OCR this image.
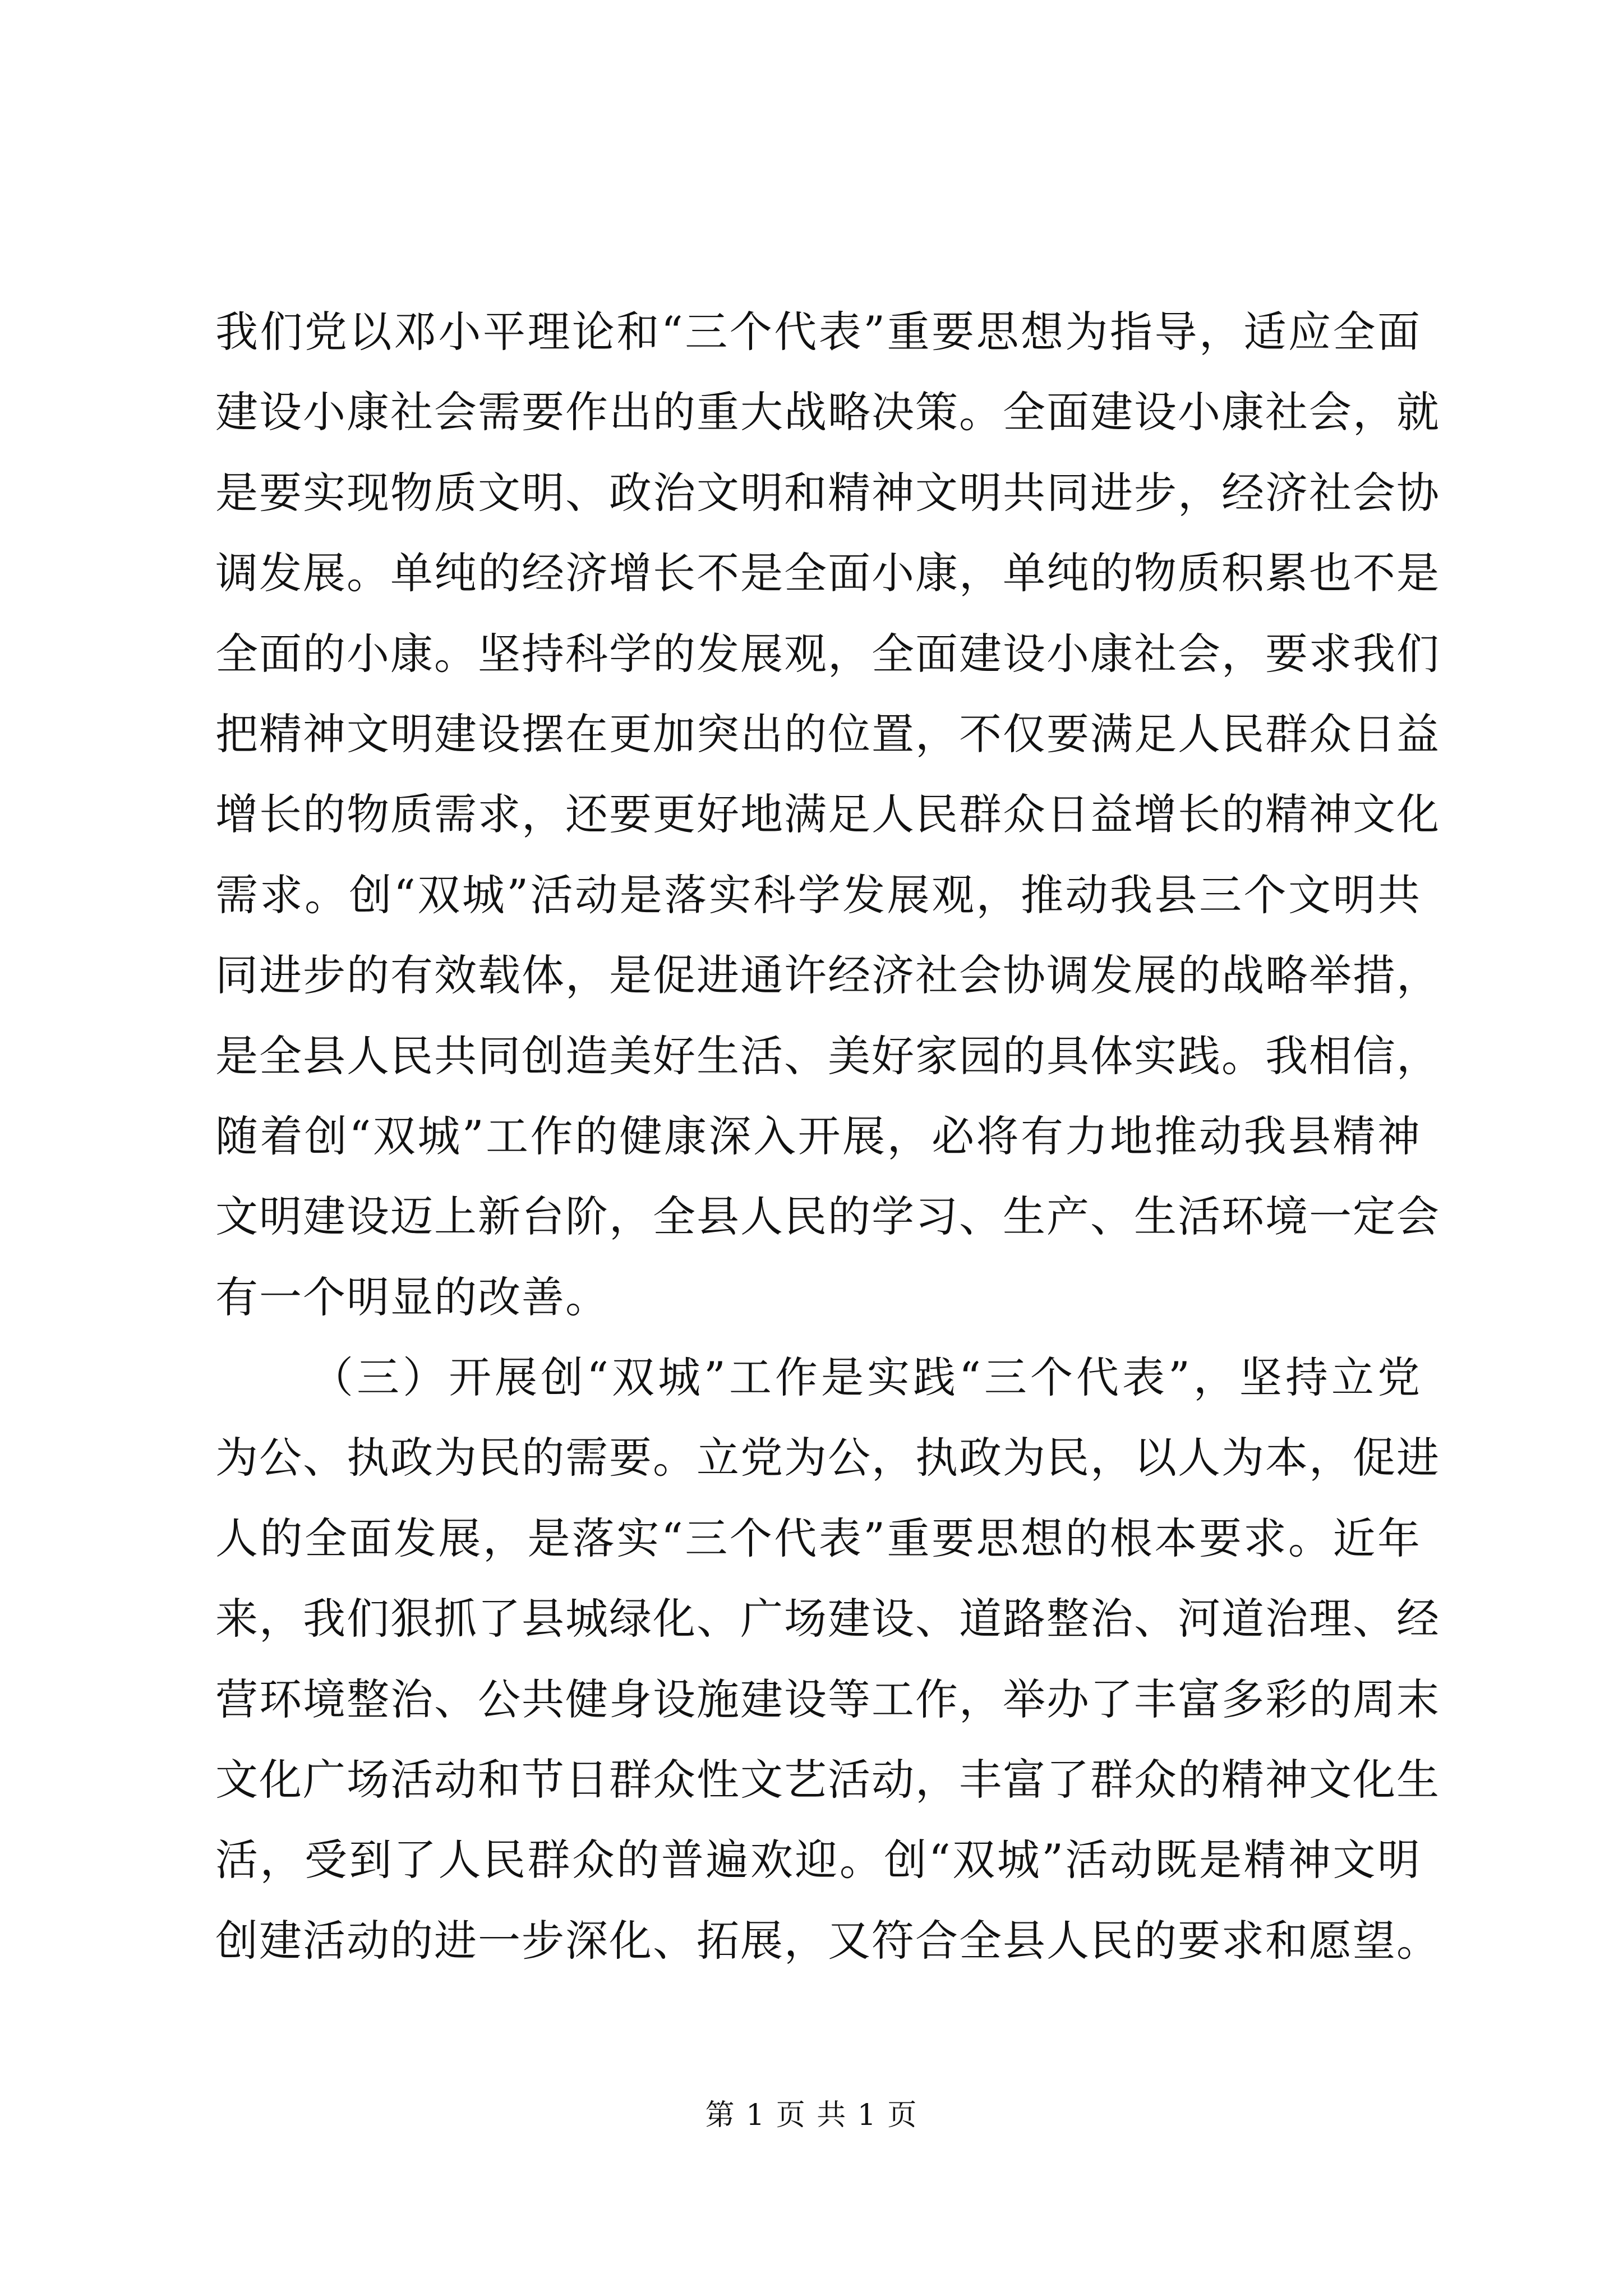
我们党以邓小平理论和“三个代表”重要思想为指导，适应全面
建设小康社会需要作出的重大战略决策。全面建设小康社会，就
是要实现物质文明、政治文明和精神文明共同进步，经济社会协
调发展。单纯的经济增长不是全面小康，单纯的物质积累也不是
全面的小康。坚持科学的发展观，全面建设小康社会，要求我们
把精神文明建设摆在更加突出的位置，不仅要满足人民群众日益
增长的物质需求，还要更好地满足人民群众日益增长的精神文化
需求。创“双城”活动是落实科学发展观，推动我县三个文明共
同进步的有效载体，是促进通许经济社会协调发展的战略举措，
是全县人民共同创造美好生活、美好家园的具体实践。我相信，
随着创“双城”工作的健康深入开展，必将有力地推动我县精神
文明建设迈上新台阶，全县人民的学习、生产、生活环境一定会
有一个明显的改善。
（三）开展创“双城”工作是实践“三个代表”，坚持立党
为公、执政为民的需要。立党为公，执政为民，以人为本，促进
人的全面发展，是落实“三个代表”重要思想的根本要求。近年
来，我们狠抓了县城绿化、广场建设、道路整治、河道治理、经
营环境整治、公共健身设施建设等工作，举办了丰富多彩的周末
文化广场活动和节日群众性文艺活动，丰富了群众的精神文化生
活，受到了人民群众的普遍欢迎。创“双城”活动既是精神文明
创建活动的进一步深化、拓展，又符合全县人民的要求和愿望。
第 1 页 共 1 页
